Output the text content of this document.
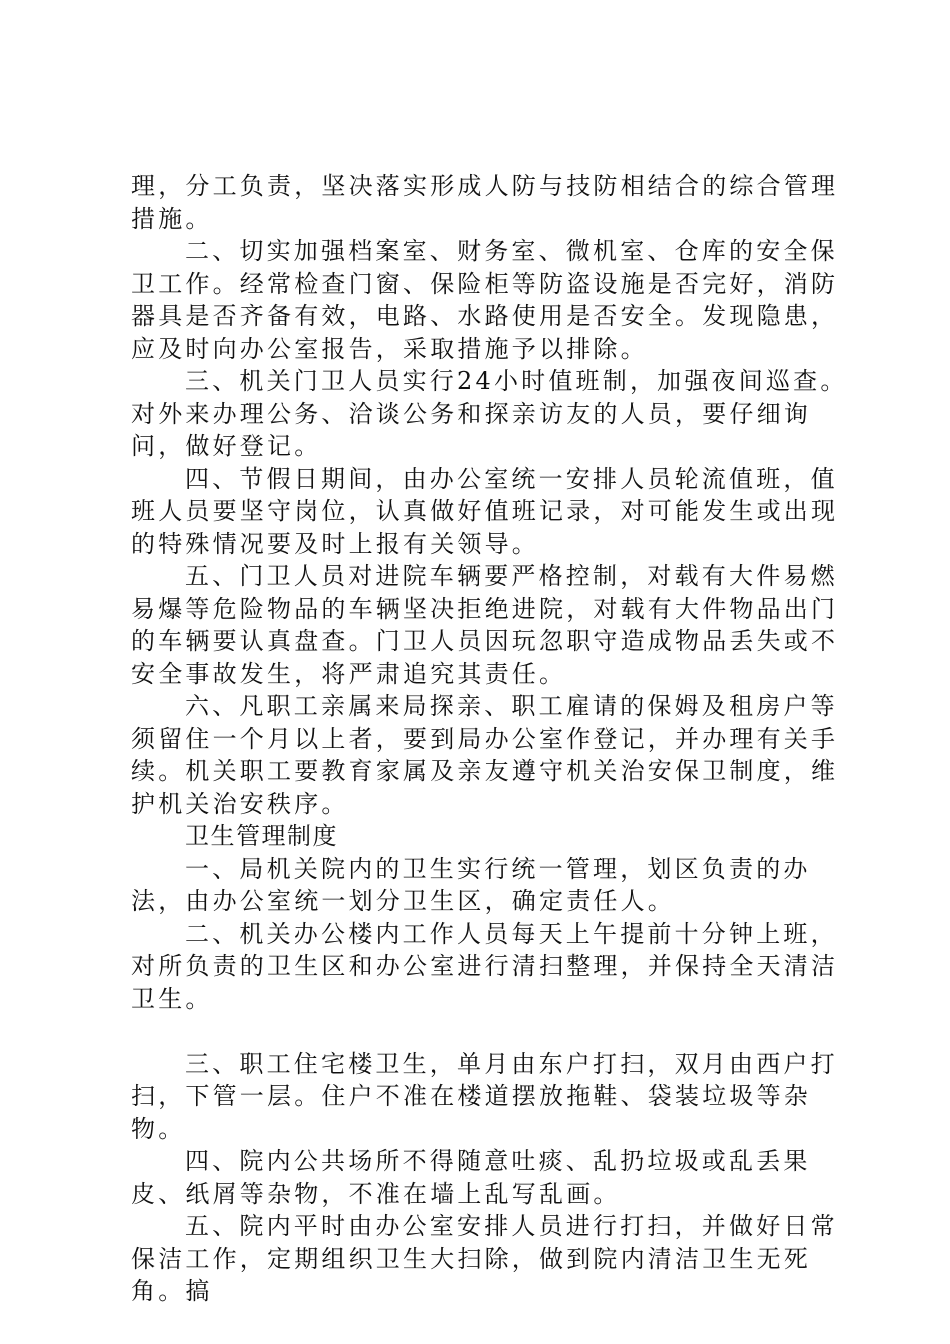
理，分工负责，坚决落实形成人防与技防相结合的综合管理措施。

二、切实加强档案室、财务室、微机室、仓库的安全保卫工作。经常检查门窗、保险柜等防盗设施是否完好，消防器具是否齐备有效，电路、水路使用是否安全。发现隐患，应及时向办公室报告，采取措施予以排除。

三、机关门卫人员实行24小时值班制，加强夜间巡查。对外来办理公务、洽谈公务和探亲访友的人员，要仔细询问，做好登记。

四、节假日期间，由办公室统一安排人员轮流值班，值班人员要坚守岗位，认真做好值班记录，对可能发生或出现的特殊情况要及时上报有关领导。

五、门卫人员对进院车辆要严格控制，对载有大件易燃易爆等危险物品的车辆坚决拒绝进院，对载有大件物品出门的车辆要认真盘查。门卫人员因玩忽职守造成物品丢失或不安全事故发生，将严肃追究其责任。

六、凡职工亲属来局探亲、职工雇请的保姆及租房户等须留住一个月以上者，要到局办公室作登记，并办理有关手续。机关职工要教育家属及亲友遵守机关治安保卫制度，维护机关治安秩序。

卫生管理制度

一、局机关院内的卫生实行统一管理，划区负责的办法，由办公室统一划分卫生区，确定责任人。

二、机关办公楼内工作人员每天上午提前十分钟上班，对所负责的卫生区和办公室进行清扫整理，并保持全天清洁卫生。

三、职工住宅楼卫生，单月由东户打扫，双月由西户打扫，下管一层。住户不准在楼道摆放拖鞋、袋装垃圾等杂物。

四、院内公共场所不得随意吐痰、乱扔垃圾或乱丢果皮、纸屑等杂物，不准在墙上乱写乱画。

五、院内平时由办公室安排人员进行打扫，并做好日常保洁工作，定期组织卫生大扫除，做到院内清洁卫生无死角。搞
